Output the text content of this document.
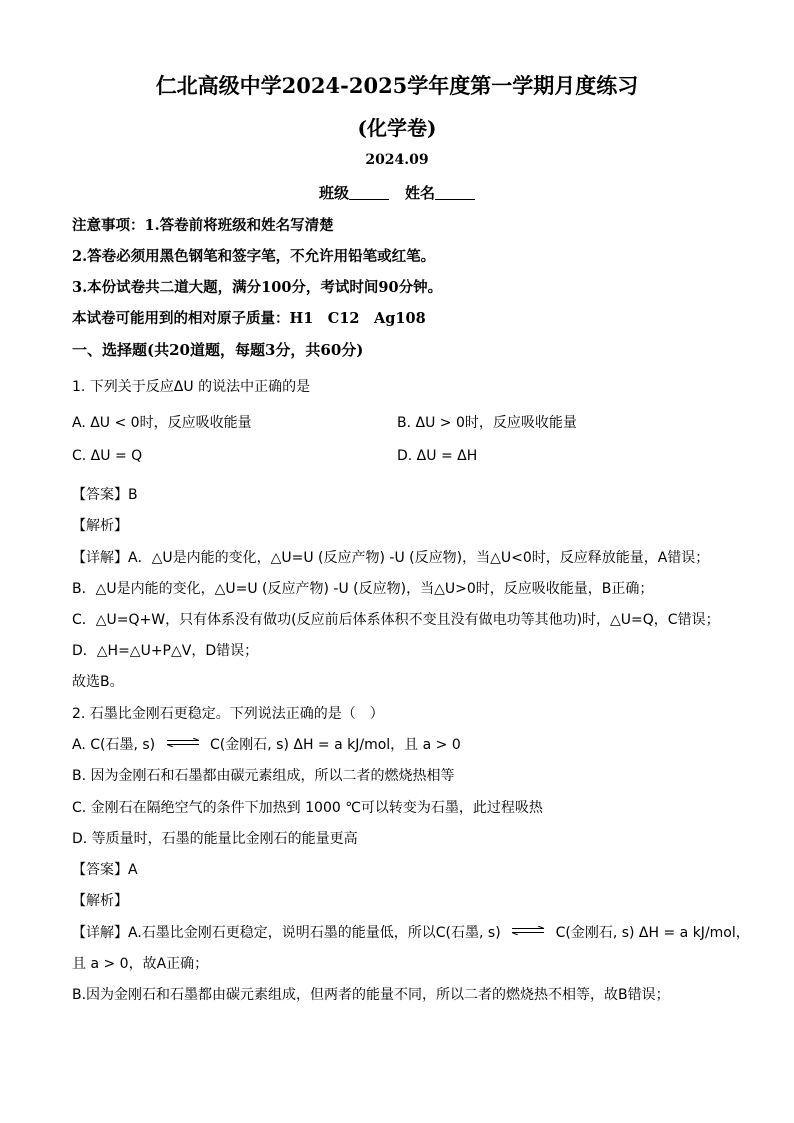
仁北高级中学2024-2025学年度第一学期月度练习
(化学卷)
2024.09
班级	姓名
注意事项：1.答卷前将班级和姓名写清楚
2.答卷必须用黑色钢笔和签字笔，不允许用铅笔或红笔。
3.本份试卷共二道大题，满分100分，考试时间90分钟。
本试卷可能用到的相对原子质量：H1　C12　Ag108
一、选择题(共20道题，每题3分，共60分)
1. 下列关于反应ΔU 的说法中正确的是
A. ΔU < 0时，反应吸收能量	B. ΔU > 0时，反应吸收能量
C. ΔU = Q	D. ΔU = ΔH
【答案】B
【解析】
【详解】A．△U是内能的变化，△U=U (反应产物) -U (反应物)，当△U<0时，反应释放能量，A错误；
B．△U是内能的变化，△U=U (反应产物) -U (反应物)，当△U>0时，反应吸收能量，B正确；
C．△U=Q+W，只有体系没有做功(反应前后体系体积不变且没有做电功等其他功)时，△U=Q，C错误；
D．△H=△U+P△V，D错误；
故选B。
2. 石墨比金刚石更稳定。下列说法正确的是（　）
A. C(石墨, s) ⇌ C(金刚石, s) ΔH = a kJ/mol，且 a > 0
B. 因为金刚石和石墨都由碳元素组成，所以二者的燃烧热相等
C. 金刚石在隔绝空气的条件下加热到 1000 ℃可以转变为石墨，此过程吸热
D. 等质量时，石墨的能量比金刚石的能量更高
【答案】A
【解析】
【详解】A.石墨比金刚石更稳定，说明石墨的能量低，所以C(石墨, s) ⇌ C(金刚石, s) ΔH = a kJ/mol，
且 a > 0，故A正确；
B.因为金刚石和石墨都由碳元素组成，但两者的能量不同，所以二者的燃烧热不相等，故B错误；
